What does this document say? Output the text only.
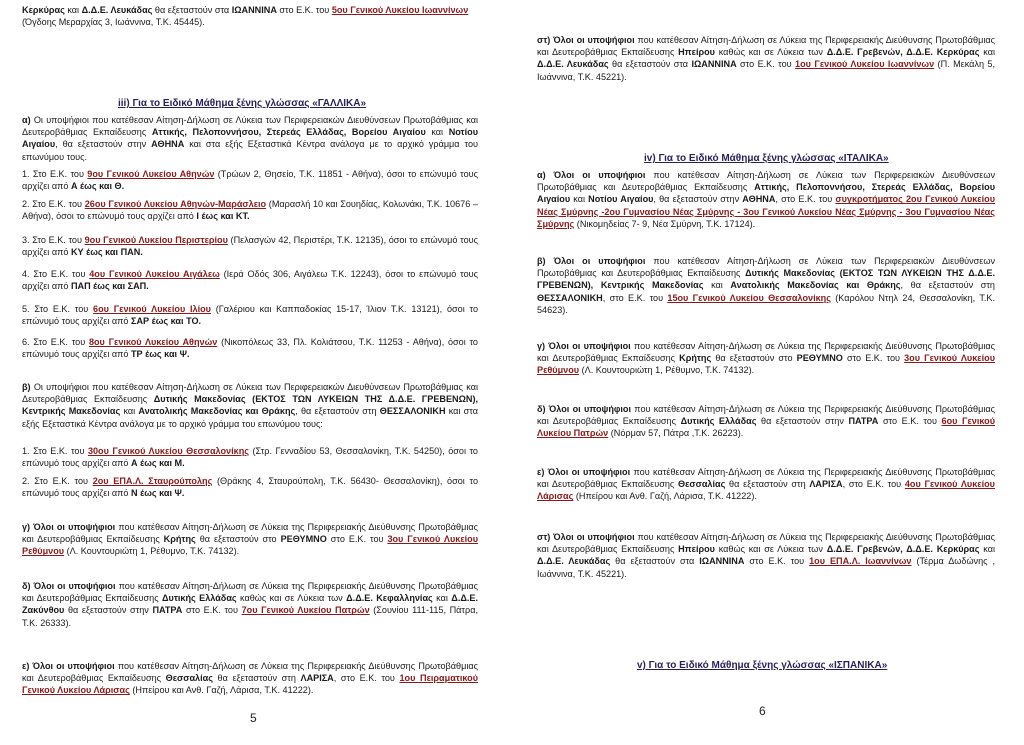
Κερκύρας και Δ.Δ.Ε. Λευκάδας θα εξεταστούν στα ΙΩΑΝΝΙΝΑ στο Ε.Κ. του 5ου Γενικού Λυκείου Ιωαννίνων

(Όγδοης Μεραρχίας 3, Ιωάννινα, Τ.Κ. 45445).

iii) Για το Ειδικό Μάθημα ξένης γλώσσας «ΓΑΛΛΙΚΑ»

α) Οι υποψήφιοι που κατέθεσαν Αίτηση-Δήλωση σε Λύκεια των Περιφερειακών Διευθύνσεων Πρωτοβάθμιας και Δευτεροβάθμιας Εκπαίδευσης Αττικής, Πελοποννήσου, Στερεάς Ελλάδας, Βορείου Αιγαίου και Νοτίου Αιγαίου, θα εξεταστούν στην ΑΘΗΝΑ και στα εξής Εξεταστικά Κέντρα ανάλογα με το αρχικό γράμμα του επωνύμου τους.

1. Στο Ε.Κ. του 9ου Γενικού Λυκείου Αθηνών (Τρώων 2, Θησείο, Τ.Κ. 11851 - Αθήνα), όσοι το επώνυμό τους αρχίζει από Α έως και Θ.

2. Στο Ε.Κ. του 26ου Γενικού Λυκείου Αθηνών-Μαράσλειο (Μαρασλή 10 και Σουηδίας, Κολωνάκι, Τ.Κ. 10676 – Αθήνα), όσοι το επώνυμό τους αρχίζει από Ι έως και ΚΤ.

3. Στο Ε.Κ. του 9ου Γενικού Λυκείου Περιστερίου (Πελασγών 42, Περιστέρι, Τ.Κ. 12135), όσοι το επώνυμό τους αρχίζει από ΚΥ έως και ΠΑΝ.

4. Στο Ε.Κ. του 4ου Γενικού Λυκείου Αιγάλεω (Ιερά Οδός 306, Αιγάλεω Τ.Κ. 12243), όσοι το επώνυμό τους αρχίζει από ΠΑΠ έως και ΣΑΠ.

5. Στο Ε.Κ. του 6ου Γενικού Λυκείου Ιλίου (Γαλέριου και Καππαδοκίας 15-17, Ίλιον Τ.Κ. 13121), όσοι το επώνυμό τους αρχίζει από ΣΑΡ έως και ΤΟ.

6. Στο Ε.Κ. του 8ου Γενικού Λυκείου Αθηνών (Νικοπόλεως 33, Πλ. Κολιάτσου, Τ.Κ. 11253 - Αθήνα), όσοι το επώνυμό τους αρχίζει από ΤΡ έως και Ψ.

β) Οι υποψήφιοι που κατέθεσαν Αίτηση-Δήλωση σε Λύκεια των Περιφερειακών Διευθύνσεων Πρωτοβάθμιας και Δευτεροβάθμιας Εκπαίδευσης Δυτικής Μακεδονίας (ΕΚΤΟΣ ΤΩΝ ΛΥΚΕΙΩΝ ΤΗΣ Δ.Δ.Ε. ΓΡΕΒΕΝΩΝ), Κεντρικής Μακεδονίας και Ανατολικής Μακεδονίας και Θράκης, θα εξεταστούν στη ΘΕΣΣΑΛΟΝΙΚΗ και στα εξής Εξεταστικά Κέντρα ανάλογα με το αρχικό γράμμα του επωνύμου τους:

1. Στο Ε.Κ. του 30ου Γενικού Λυκείου Θεσσαλονίκης (Στρ. Γενναδίου 53, Θεσσαλονίκη, Τ.Κ. 54250), όσοι το επώνυμό τους αρχίζει από Α έως και Μ.

2. Στο Ε.Κ. του 2ου ΕΠΑ.Λ. Σταυρούπολης (Θράκης 4, Σταυρούπολη, Τ.Κ. 56430- Θεσσαλονίκη), όσοι το επώνυμό τους αρχίζει από Ν έως και Ψ.

γ) Όλοι οι υποψήφιοι που κατέθεσαν Αίτηση-Δήλωση σε Λύκεια της Περιφερειακής Διεύθυνσης Πρωτοβάθμιας και Δευτεροβάθμιας Εκπαίδευσης Κρήτης θα εξεταστούν στο ΡΕΘΥΜΝΟ στο Ε.Κ. του 3ου Γενικού Λυκείου Ρεθύμνου (Λ. Κουντουριώτη 1, Ρέθυμνο, Τ.Κ. 74132).

δ) Όλοι οι υποψήφιοι που κατέθεσαν Αίτηση-Δήλωση σε Λύκεια της Περιφερειακής Διεύθυνσης Πρωτοβάθμιας και Δευτεροβάθμιας Εκπαίδευσης Δυτικής Ελλάδας καθώς και σε Λύκεια των Δ.Δ.Ε. Κεφαλληνίας και Δ.Δ.Ε. Ζακύνθου θα εξεταστούν στην ΠΑΤΡΑ στο Ε.Κ. του 7ου Γενικού Λυκείου Πατρών (Σουνίου 111-115, Πάτρα, Τ.Κ. 26333).

ε) Όλοι οι υποψήφιοι που κατέθεσαν Αίτηση-Δήλωση σε Λύκεια της Περιφερειακής Διεύθυνσης Πρωτοβάθμιας και Δευτεροβάθμιας Εκπαίδευσης Θεσσαλίας θα εξεταστούν στη ΛΑΡΙΣΑ, στο Ε.Κ. του 1ου Πειραματικού Γενικού Λυκείου Λάρισας (Ηπείρου και Ανθ. Γαζή, Λάρισα, Τ.Κ. 41222).

5

στ) Όλοι οι υποψήφιοι που κατέθεσαν Αίτηση-Δήλωση σε Λύκεια της Περιφερειακής Διεύθυνσης Πρωτοβάθμιας και Δευτεροβάθμιας Εκπαίδευσης Ηπείρου καθώς και σε Λύκεια των Δ.Δ.Ε. Γρεβενών, Δ.Δ.Ε. Κερκύρας και Δ.Δ.Ε. Λευκάδας θα εξεταστούν στα ΙΩΑΝΝΙΝΑ στο Ε.Κ. του 1ου Γενικού Λυκείου Ιωαννίνων (Π. Μεκάλη 5, Ιωάννινα, Τ.Κ. 45221).

iv) Για το Ειδικό Μάθημα ξένης γλώσσας «ΙΤΑΛΙΚΑ»

α) Όλοι οι υποψήφιοι που κατέθεσαν Αίτηση-Δήλωση σε Λύκεια των Περιφερειακών Διευθύνσεων Πρωτοβάθμιας και Δευτεροβάθμιας Εκπαίδευσης Αττικής, Πελοποννήσου, Στερεάς Ελλάδας, Βορείου Αιγαίου και Νοτίου Αιγαίου, θα εξεταστούν στην ΑΘΗΝΑ, στο Ε.Κ. του συγκροτήματος 2ου Γενικού Λυκείου Νέας Σμύρνης -2ου Γυμνασίου Νέας Σμύρνης - 3ου Γενικού Λυκείου Νέας Σμύρνης - 3ου Γυμνασίου Νέας Σμύρνης (Νικομηδείας 7- 9, Νέα Σμύρνη, Τ.Κ. 17124).

β) Όλοι οι υποψήφιοι που κατέθεσαν Αίτηση-Δήλωση σε Λύκεια των Περιφερειακών Διευθύνσεων Πρωτοβάθμιας και Δευτεροβάθμιας Εκπαίδευσης Δυτικής Μακεδονίας (ΕΚΤΟΣ ΤΩΝ ΛΥΚΕΙΩΝ ΤΗΣ Δ.Δ.Ε. ΓΡΕΒΕΝΩΝ), Κεντρικής Μακεδονίας και Ανατολικής Μακεδονίας και Θράκης, θα εξεταστούν στη ΘΕΣΣΑΛΟΝΙΚΗ, στο Ε.Κ. του 15ου Γενικού Λυκείου Θεσσαλονίκης (Καρόλου Ντηλ 24, Θεσσαλονίκη, Τ.Κ. 54623).

γ) Όλοι οι υποψήφιοι που κατέθεσαν Αίτηση-Δήλωση σε Λύκεια της Περιφερειακής Διεύθυνσης Πρωτοβάθμιας και Δευτεροβάθμιας Εκπαίδευσης Κρήτης θα εξεταστούν στο ΡΕΘΥΜΝΟ στο Ε.Κ. του 3ου Γενικού Λυκείου Ρεθύμνου (Λ. Κουντουριώτη 1, Ρέθυμνο, Τ.Κ. 74132).

δ) Όλοι οι υποψήφιοι που κατέθεσαν Αίτηση-Δήλωση σε Λύκεια της Περιφερειακής Διεύθυνσης Πρωτοβάθμιας και Δευτεροβάθμιας Εκπαίδευσης Δυτικής Ελλάδας θα εξεταστούν στην ΠΑΤΡΑ στο Ε.Κ. του 6ου Γενικού Λυκείου Πατρών (Νόρμαν 57, Πάτρα ,Τ.Κ. 26223).

ε) Όλοι οι υποψήφιοι που κατέθεσαν Αίτηση-Δήλωση σε Λύκεια της Περιφερειακής Διεύθυνσης Πρωτοβάθμιας και Δευτεροβάθμιας Εκπαίδευσης Θεσσαλίας θα εξεταστούν στη ΛΑΡΙΣΑ, στο Ε.Κ. του 4ου Γενικού Λυκείου Λάρισας (Ηπείρου και Ανθ. Γαζή, Λάρισα, Τ.Κ. 41222).

στ) Όλοι οι υποψήφιοι που κατέθεσαν Αίτηση-Δήλωση σε Λύκεια της Περιφερειακής Διεύθυνσης Πρωτοβάθμιας και Δευτεροβάθμιας Εκπαίδευσης Ηπείρου καθώς και σε Λύκεια των Δ.Δ.Ε. Γρεβενών, Δ.Δ.Ε. Κερκύρας και Δ.Δ.Ε. Λευκάδας θα εξεταστούν στα ΙΩΑΝΝΙΝΑ στο Ε.Κ. του 1ου ΕΠΑ.Λ. Ιωαννίνων (Τέρμα Δωδώνης , Ιωάννινα, Τ.Κ. 45221).

v) Για το Ειδικό Μάθημα ξένης γλώσσας «ΙΣΠΑΝΙΚΑ»
6
